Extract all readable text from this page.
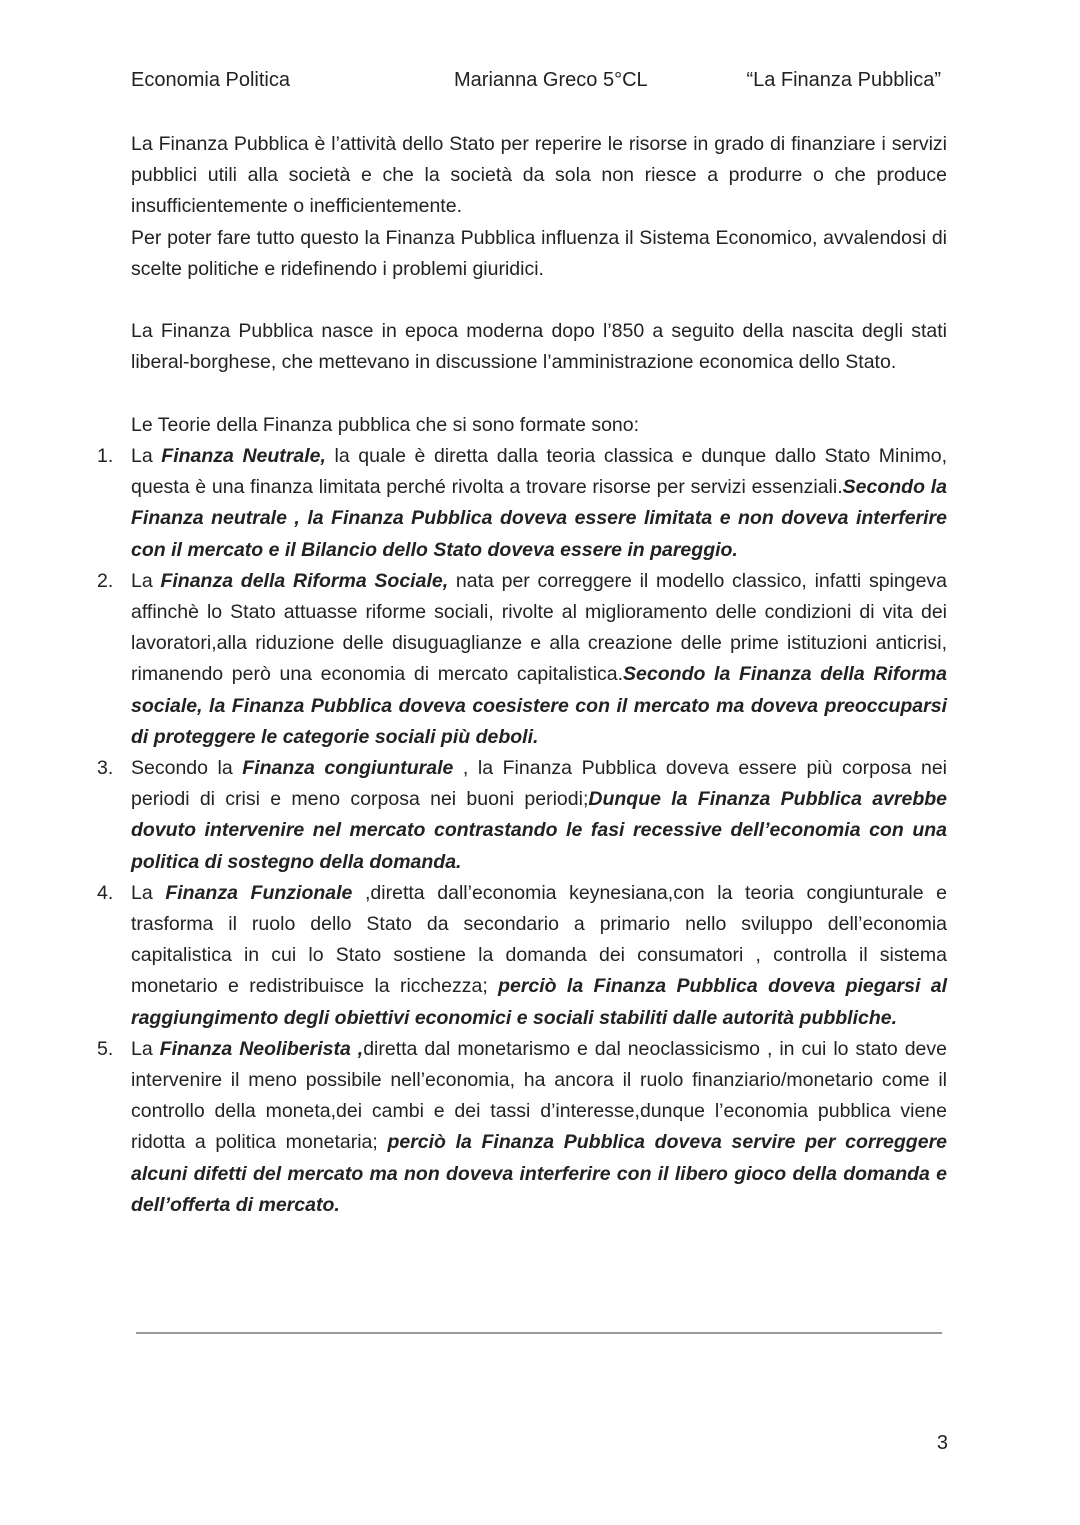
Economia Politica	Marianna Greco 5°CL	“La Finanza Pubblica”

La Finanza Pubblica è l’attività dello Stato per reperire le risorse in grado di finanziare i servizi pubblici utili alla società e che la società da sola non riesce a produrre o che produce insufficientemente o inefficientemente.

Per poter fare tutto questo la Finanza Pubblica influenza il Sistema Economico, avvalendosi di scelte politiche e ridefinendo i problemi giuridici.

La Finanza Pubblica nasce in epoca moderna dopo l’850 a seguito della nascita degli stati liberal-borghese, che mettevano in discussione l’amministrazione economica dello Stato.

Le Teorie della Finanza pubblica che si sono formate sono:

1. La Finanza Neutrale, la quale è diretta dalla teoria classica e dunque dallo Stato Minimo, questa è una finanza limitata perché rivolta a trovare risorse per servizi essenziali.Secondo la Finanza neutrale , la Finanza Pubblica doveva essere limitata e non doveva interferire con il mercato e il Bilancio dello Stato doveva essere in pareggio.
2. La Finanza della Riforma Sociale, nata per correggere il modello classico, infatti spingeva affinchè lo Stato attuasse riforme sociali, rivolte al miglioramento delle condizioni di vita dei lavoratori,alla riduzione delle disuguaglianze e alla creazione delle prime istituzioni anticrisi, rimanendo però una economia di mercato capitalistica.Secondo la Finanza della Riforma sociale, la Finanza Pubblica doveva coesistere con il mercato ma doveva preoccuparsi di proteggere le categorie sociali più deboli.
3. Secondo la Finanza congiunturale , la Finanza Pubblica doveva essere più corposa nei periodi di crisi e meno corposa nei buoni periodi;Dunque la Finanza Pubblica avrebbe dovuto intervenire nel mercato contrastando le fasi recessive dell’economia con una politica di sostegno della domanda.
4. La Finanza Funzionale ,diretta dall’economia keynesiana,con la teoria congiunturale e trasforma il ruolo dello Stato da secondario a primario nello sviluppo dell’economia capitalistica in cui lo Stato sostiene la domanda dei consumatori , controlla il sistema monetario e redistribuisce la ricchezza; perciò la Finanza Pubblica doveva piegarsi al raggiungimento degli obiettivi economici e sociali stabiliti dalle autorità pubbliche.
5. La Finanza Neoliberista ,diretta dal monetarismo e dal neoclassicismo , in cui lo stato deve intervenire il meno possibile nell’economia, ha ancora il ruolo finanziario/monetario come il controllo della moneta,dei cambi e dei tassi d’interesse,dunque l’economia pubblica viene ridotta a politica monetaria; perciò la Finanza Pubblica doveva servire per correggere alcuni difetti del mercato ma non doveva interferire con il libero gioco della domanda e dell’offerta di mercato.
3
